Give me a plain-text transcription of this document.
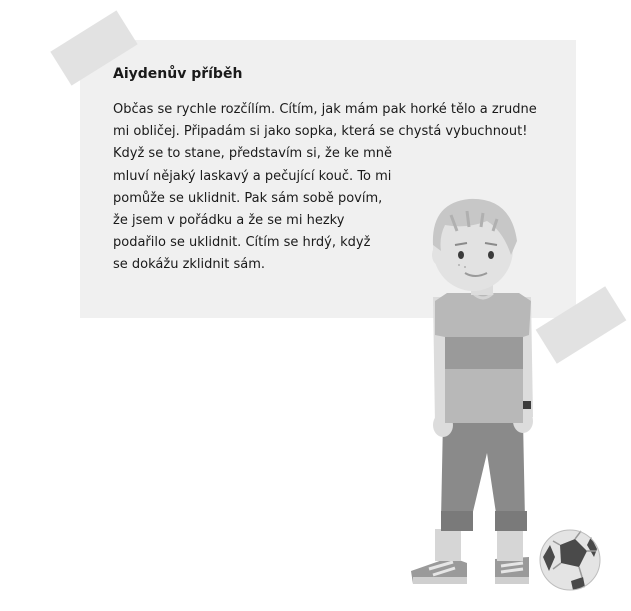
Aiydenův příběh

Občas se rychle rozčílím. Cítím, jak mám pak horké tělo a zrudne
mi obličej. Připadám si jako sopka, která se chystá vybuchnout!
Když se to stane, představím si, že ke mně
mluví nějaký laskavý a pečující kouč. To mi
pomůže se uklidnit. Pak sám sobě povím,
že jsem v pořádku a že se mi hezky
podařilo se uklidnit. Cítím se hrdý, když
se dokážu zklidnit sám.
